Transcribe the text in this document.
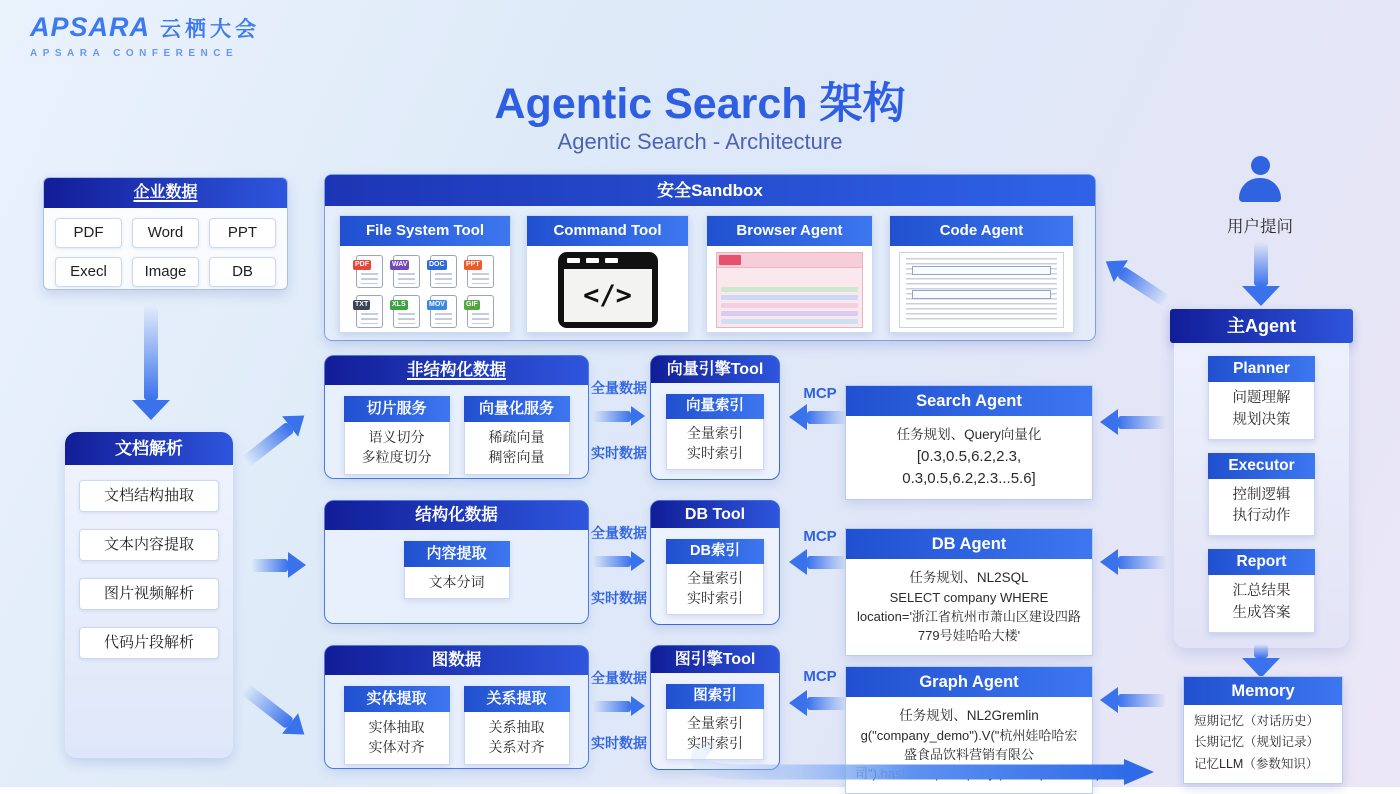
APSARA 云栖大会
APSARA CONFERENCE
Agentic Search 架构
Agentic Search - Architecture
企业数据
PDF	Word	PPT
Execl	Image	DB
文档解析
文档结构抽取
文本内容提取
图片视频解析
代码片段解析
安全Sandbox
File System Tool
PDF	WAV	DOC	PPT
TXT	XLS	MOV	GIF
Command Tool
</>
Browser Agent	Code Agent
非结构化数据
切片服务
语义切分
多粒度切分
向量化服务
稀疏向量
稠密向量
结构化数据
内容提取
文本分词
图数据
实体提取
实体抽取
实体对齐
关系提取
关系抽取
关系对齐
全量数据
实时数据
全量数据
实时数据
全量数据
实时数据
向量引擎Tool
向量索引
全量索引
实时索引
DB Tool
DB索引
全量索引
实时索引
图引擎Tool
图索引
全量索引
实时索引
MCP
MCP
MCP
Search Agent
任务规划、Query向量化
[0.3,0.5,6.2,2.3, 0.3,0.5,6.2,2.3...5.6]
DB Agent
任务规划、NL2SQL
SELECT company WHERE location='浙江省杭州市萧山区建设四路779号娃哈哈大楼'
Graph Agent
任务规划、NL2Gremlin
g("company_demo").V("杭州娃哈哈宏盛食品饮料营销有限公司").hasLabel("company").fields("location")
用户提问
主Agent
Planner
问题理解
规划决策
Executor
控制逻辑
执行动作
Report
汇总结果
生成答案
Memory
短期记忆（对话历史）
长期记忆（规划记录）
记忆LLM（参数知识）
